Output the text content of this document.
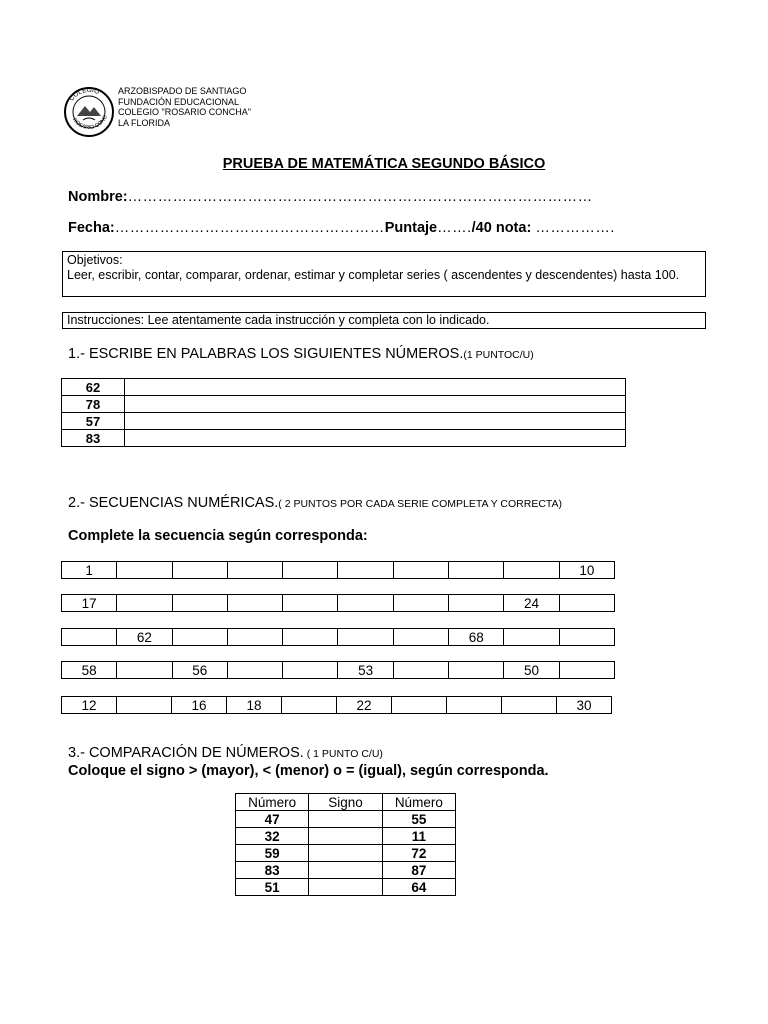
COLEGIO
ROSARIO CONC
ARZOBISPADO DE SANTIAGO
FUNDACIÓN EDUCACIONAL
COLEGIO "ROSARIO CONCHA"
LA FLORIDA
PRUEBA DE MATEMÁTICA SEGUNDO BÁSICO
Nombre:…………………………………………………………………………………
Fecha:………………………………………………Puntaje……./40 nota: …………….
Objetivos:
Leer, escribir, contar, comparar, ordenar, estimar y completar series ( ascendentes y descendentes) hasta 100.
Instrucciones: Lee atentamente cada instrucción y completa con lo indicado.
1.- ESCRIBE EN PALABRAS LOS SIGUIENTES NÚMEROS.(1 PUNTOC/U)
62	
78	
57	
83	
2.- SECUENCIAS NUMÉRICAS.( 2 PUNTOS POR CADA SERIE COMPLETA Y CORRECTA)
Complete la secuencia según corresponda:
1									10
17								24	
	62						68		
58		56			53			50	
12		16	18		22				30
3.- COMPARACIÓN DE NÚMEROS. ( 1 PUNTO C/U)
Coloque el signo > (mayor), < (menor) o = (igual), según corresponda.
Número	Signo	Número
47		55
32		11
59		72
83		87
51		64
